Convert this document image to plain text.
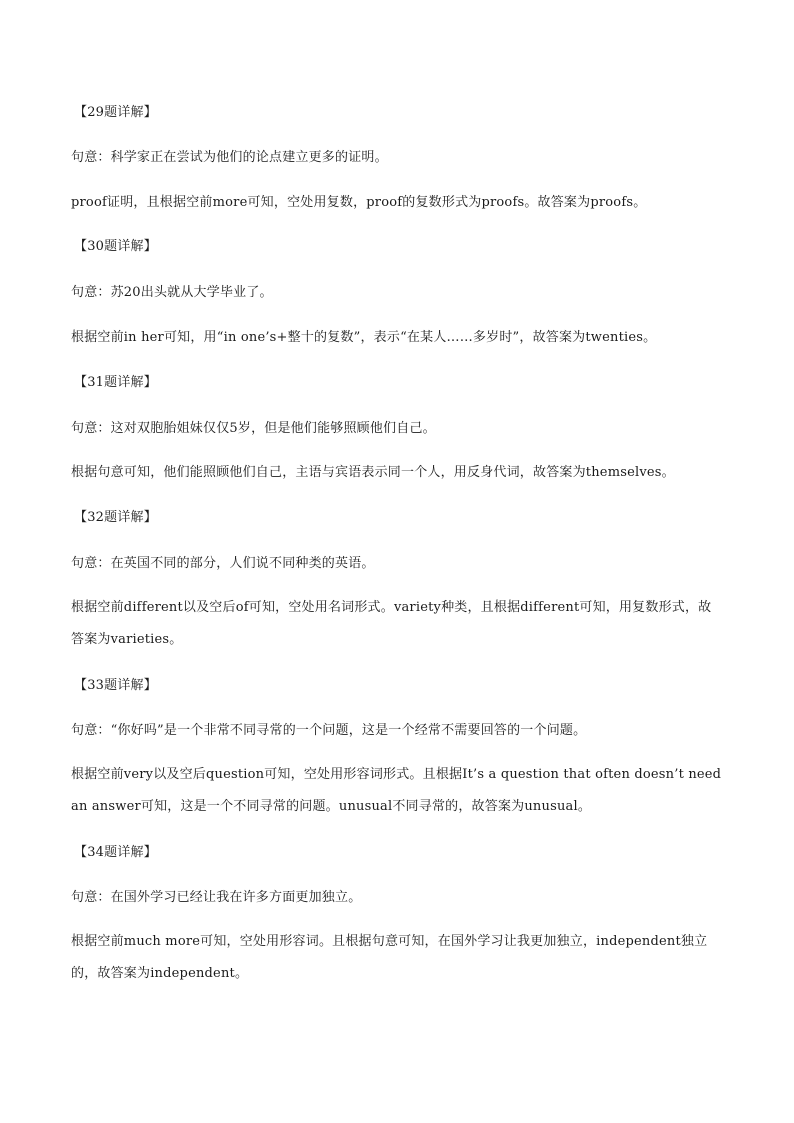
【29题详解】
句意：科学家正在尝试为他们的论点建立更多的证明。
proof证明，且根据空前more可知，空处用复数，proof的复数形式为proofs。故答案为proofs。
【30题详解】
句意：苏20出头就从大学毕业了。
根据空前in her可知，用“in one’s+整十的复数”，表示“在某人……多岁时”，故答案为twenties。
【31题详解】
句意：这对双胞胎姐妹仅仅5岁，但是他们能够照顾他们自己。
根据句意可知，他们能照顾他们自己，主语与宾语表示同一个人，用反身代词，故答案为themselves。
【32题详解】
句意：在英国不同的部分，人们说不同种类的英语。
根据空前different以及空后of可知，空处用名词形式。variety种类，且根据different可知，用复数形式，故答案为varieties。
【33题详解】
句意：“你好吗”是一个非常不同寻常的一个问题，这是一个经常不需要回答的一个问题。
根据空前very以及空后question可知，空处用形容词形式。且根据It’s a question that often doesn’t need an answer可知，这是一个不同寻常的问题。unusual不同寻常的，故答案为unusual。
【34题详解】
句意：在国外学习已经让我在许多方面更加独立。
根据空前much more可知，空处用形容词。且根据句意可知，在国外学习让我更加独立，independent独立的，故答案为independent。
